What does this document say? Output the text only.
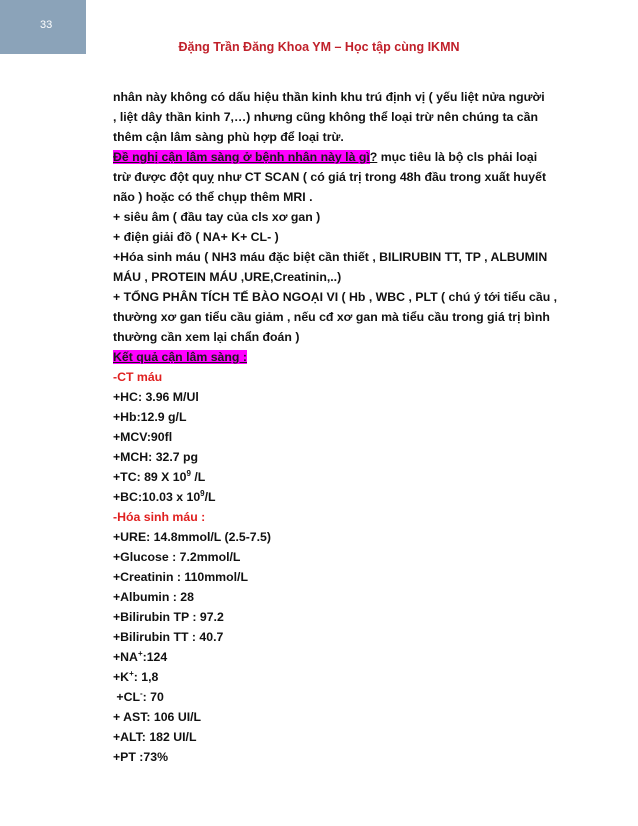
33
Đặng Trần Đăng Khoa YM – Học tập cùng IKMN
nhân này không có dấu hiệu thần kinh khu trú định vị ( yếu liệt nửa người
, liệt dây thần kinh 7,…) nhưng cũng không thể loại trừ nên chúng ta cần
thêm cận lâm sàng phù hợp để loại trừ.
Đề nghị cận lâm sàng ở bệnh nhân này là gì? mục tiêu là bộ cls phải loại
trừ được đột quỵ như CT SCAN ( có giá trị trong 48h đầu trong xuất huyết
não ) hoặc có thể chụp thêm MRI .
+ siêu âm ( đầu tay của cls xơ gan )
+ điện giải đồ ( NA+ K+ CL- )
+Hóa sinh máu ( NH3 máu đặc biệt cần thiết , BILIRUBIN TT, TP , ALBUMIN
MÁU , PROTEIN MÁU ,URE,Creatinin,..)
+ TỔNG PHÂN TÍCH TẾ BÀO NGOẠI VI ( Hb , WBC , PLT ( chú ý tới tiểu cầu ,
thường xơ gan tiểu cầu giảm , nếu cđ xơ gan mà tiểu cầu trong giá trị bình
thường cần xem lại chẩn đoán )
Kết quả cận lâm sàng :
-CT máu
+HC: 3.96 M/Ul
+Hb:12.9 g/L
+MCV:90fl
+MCH: 32.7 pg
+TC: 89 X $10^9$ /L
+BC:10.03 x $10^9/L$
-Hóa sinh máu :
+URE: 14.8mmol/L (2.5-7.5)
+Glucose : 7.2mmol/L
+Creatinin : 110mmol/L
+Albumin : 28
+Bilirubin TP : 97.2
+Bilirubin TT : 40.7
+NA+:124
+K+: 1,8
+CL-: 70
+ AST: 106 UI/L
+ALT: 182 UI/L
+PT :73%
